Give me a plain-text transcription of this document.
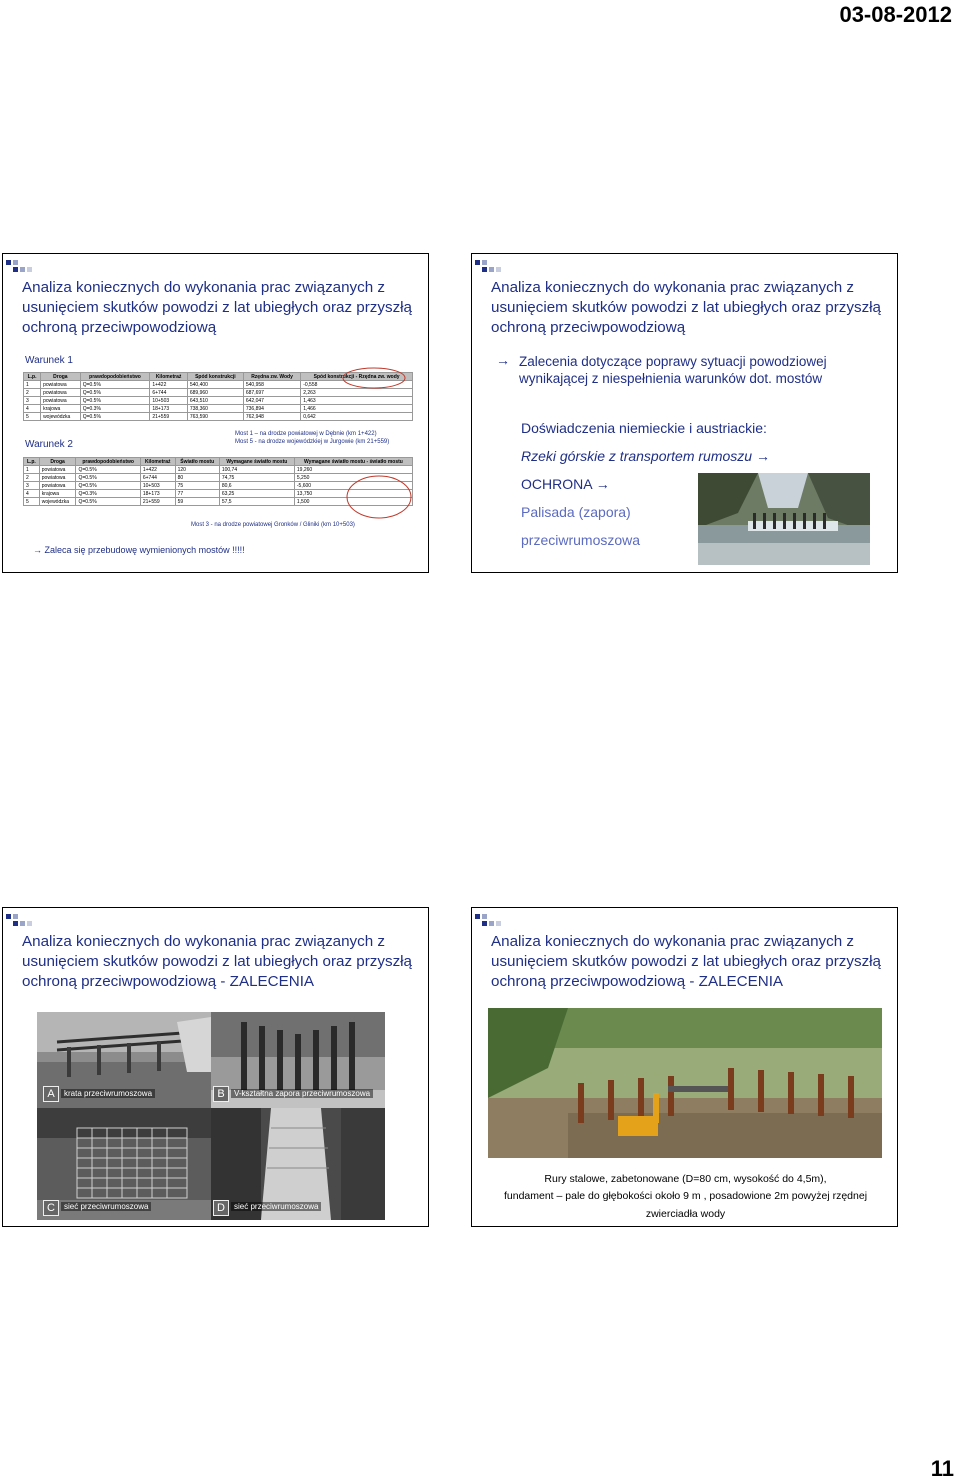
03-08-2012
Analiza koniecznych do wykonania prac związanych z usunięciem skutków powodzi z lat ubiegłych oraz przyszłą ochroną przeciwpowodziową
Warunek 1
Warunek 2
L.p.	Droga	prawdopodobieństwo	Kilometraż	Spód konstrukcji	Rzędna zw. Wody	Spód konstrukcji - Rzędna zw. wody
1	powiatowa	Q=0.5%	1+422	540,400	540,958	-0,558
2	powiatowa	Q=0.5%	6+744	689,960	687,697	2,263
3	powiatowa	Q=0.5%	10+503	643,510	642,047	1,463
4	krajowa	Q=0.3%	18+173	738,360	736,894	1,466
5	wojewódzka	Q=0.5%	21+559	763,590	762,948	0,642
Most 1 – na drodze powiatowej w Dębnie (km 1+422)
Most 5 - na drodze wojewódzkiej w Jurgowie (km 21+559)
L.p.	Droga	prawdopodobieństwo	Kilometraż	Światło mostu	Wymagane światło mostu	Wymagane światło mostu - światło mostu
1	powiatowa	Q=0.5%	1+422	120	100,74	19,260
2	powiatowa	Q=0.5%	6+744	80	74,75	5,250
3	powiatowa	Q=0.5%	10+503	75	80,6	-5,600
4	krajowa	Q=0.3%	18+173	77	63,25	13,750
5	wojewódzka	Q=0.5%	21+559	59	57,5	1,500
Most 3 - na drodze powiatowej Gronków / Gliniki (km 10+503)
→ Zaleca się przebudowę wymienionych mostów !!!!!
Analiza koniecznych do wykonania prac związanych z usunięciem skutków powodzi z lat ubiegłych oraz przyszłą ochroną przeciwpowodziową
→ Zalecenia dotyczące poprawy sytuacji powodziowej wynikającej z niespełnienia warunków dot. mostów
Doświadczenia niemieckie i austriackie:
Rzeki górskie z transportem rumoszu →
OCHRONA →
Palisada (zapora)
przeciwrumoszowa
Analiza koniecznych do wykonania prac związanych z usunięciem skutków powodzi z lat ubiegłych oraz przyszłą ochroną przeciwpowodziową - ZALECENIA
A	krata przeciwrumoszowa	B	V-kształtna zapora przeciwrumoszowa
C	sieć przeciwrumoszowa	D	sieć przeciwrumoszowa
Analiza koniecznych do wykonania prac związanych z usunięciem skutków powodzi z lat ubiegłych oraz przyszłą ochroną przeciwpowodziową - ZALECENIA
Rury stalowe, zabetonowane (D=80 cm, wysokość do 4,5m),
fundament – pale do głębokości około 9 m , posadowione 2m powyżej rzędnej
zwierciadła wody
11
